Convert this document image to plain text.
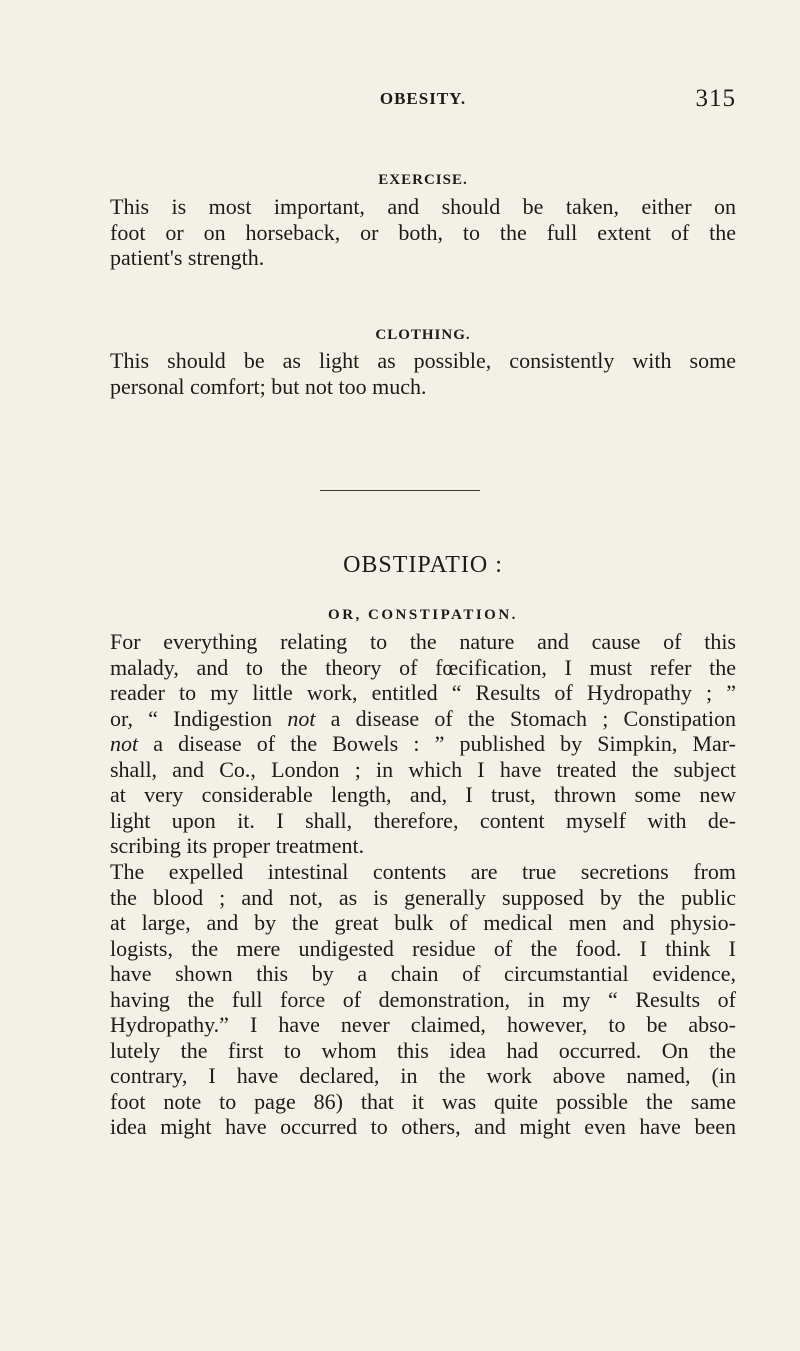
OBESITY.	315
EXERCISE.
This is most important, and should be taken, either on
foot or on horseback, or both, to the full extent of the
patient's strength.
CLOTHING.
This should be as light as possible, consistently with some
personal comfort; but not too much.
OBSTIPATIO :
OR, CONSTIPATION.
For everything relating to the nature and cause of this
malady, and to the theory of fœcification, I must refer the
reader to my little work, entitled “ Results of Hydropathy ; ”
or, “ Indigestion not a disease of the Stomach ; Constipation
not a disease of the Bowels : ” published by Simpkin, Mar-
shall, and Co., London ; in which I have treated the subject
at very considerable length, and, I trust, thrown some new
light upon it. I shall, therefore, content myself with de-
scribing its proper treatment.
The expelled intestinal contents are true secretions from
the blood ; and not, as is generally supposed by the public
at large, and by the great bulk of medical men and physio-
logists, the mere undigested residue of the food. I think I
have shown this by a chain of circumstantial evidence,
having the full force of demonstration, in my “ Results of
Hydropathy.” I have never claimed, however, to be abso-
lutely the first to whom this idea had occurred. On the
contrary, I have declared, in the work above named, (in
foot note to page 86) that it was quite possible the same
idea might have occurred to others, and might even have been
